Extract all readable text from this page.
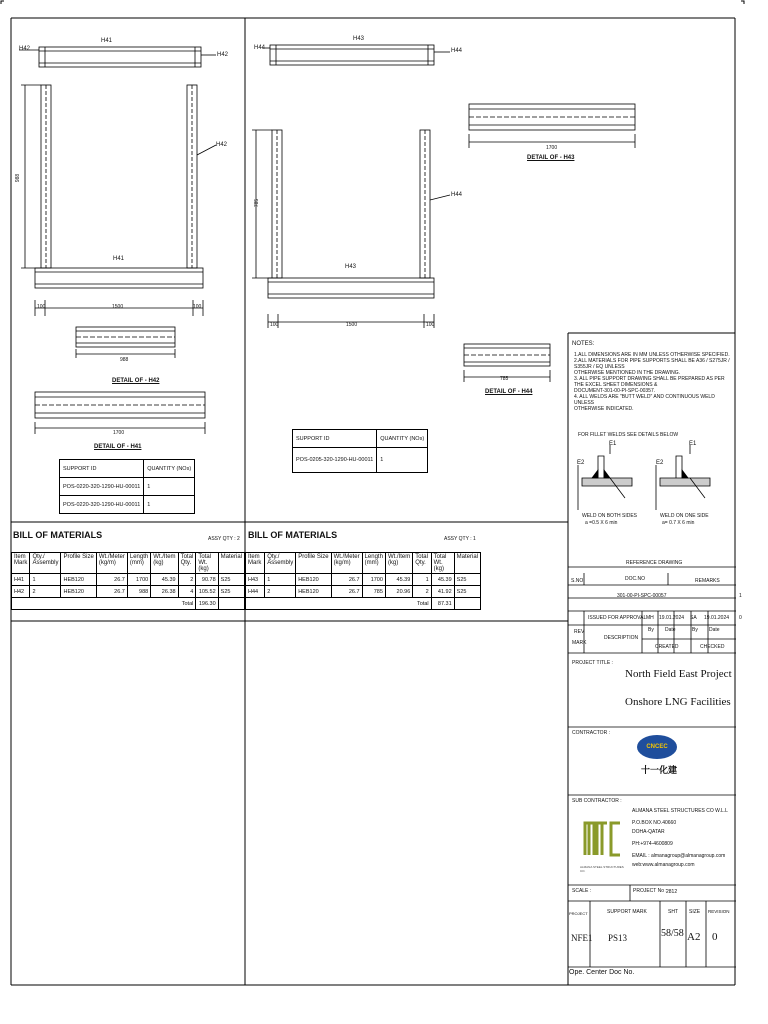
H41
H42
H42
H42
988
H41
100	1500	100
988
DETAIL OF - H42
1700
DETAIL OF - H41
SUPPORT ID	QUANTITY (NOs)
POS-0220-320-1290-HU-00011	1
POS-0220-320-1290-HU-00011	1
H43
H44	H44
H44
785
H43
100	1500	100
1700
DETAIL OF - H43
785
DETAIL OF - H44
SUPPORT ID	QUANTITY (NOs)
POS-0205-320-1290-HU-00011	1
NOTES:
1.ALL DIMENSIONS ARE IN MM UNLESS OTHERWISE SPECIFIED.
2.ALL MATERIALS FOR PIPE SUPPORTS SHALL BE A36 / S275JR / S355JR / EQ UNLESS
OTHERWISE MENTIONED IN THE DRAWING.
3. ALL PIPE SUPPORT DRAWING SHALL BE PREPARED AS PER THE EXCEL SHEET DIMENSIONS &
DOCUMENT-301-00-PI-SPC-00357.
4. ALL WELDS ARE "BUTT WELD" AND CONTINUOUS WELD UNLESS
OTHERWISE INDICATED.
FOR FILLET WELDS SEE DETAILS BELOW
E1
E2
E1
E2
WELD ON BOTH SIDES
a =0.5 X 6 min
WELD ON ONE SIDE
a= 0.7 X 6 min
BILL OF MATERIALS	ASSY QTY : 2
Item Mark	Qty./ Assembly	Profile Size	Wt./Meter (kg/m)	Length (mm)	Wt./Item (kg)	Total Qty.	Total Wt. (kg)	Material
H41	1	HEB120	26.7	1700	45.39	2	90.78	S25
H42	2	HEB120	26.7	988	26.38	4	105.52	S25
Total							196.30	
BILL OF MATERIALS	ASSY QTY : 1
Item Mark	Qty./ Assembly	Profile Size	Wt./Meter (kg/m)	Length (mm)	Wt./Item (kg)	Total Qty.	Total Wt. (kg)	Material
H43	1	HEB120	26.7	1700	45.39	1	45.39	S25
H44	2	HEB120	26.7	785	20.96	2	41.92	S25
Total							87.31	
REFERENCE DRAWING
S.NO	DOC.NO	REMARKS
301-00-PI-SPC-00057	1
ISSUED FOR APPROVAL MH 19.01.2024 SA 19.01.2024 0
REV
MARK
DESCRIPTION
By Date	By Date
CREATED	CHECKED
PROJECT TITLE :
North Field East Project
Onshore LNG Facilities
CONTRACTOR :
CNCEC
十一化建
SUB CONTRACTOR :
ALMANA STEEL STRUCTURES CO.
ALMANA STEEL STRUCTURES CO W.L.L
P.O.BOX NO.40660
DOHA-QATAR
PH:+974-4600809
EMAIL : almanagroup@almanagroup.com
web:www.almanagroup.com
SCALE :	PROJECT No : 2812
PROJECT	SUPPORT MARK	SHT SIZE REVISION
NFE1 PS13	58/58 A2 0
Ope. Center Doc No.
